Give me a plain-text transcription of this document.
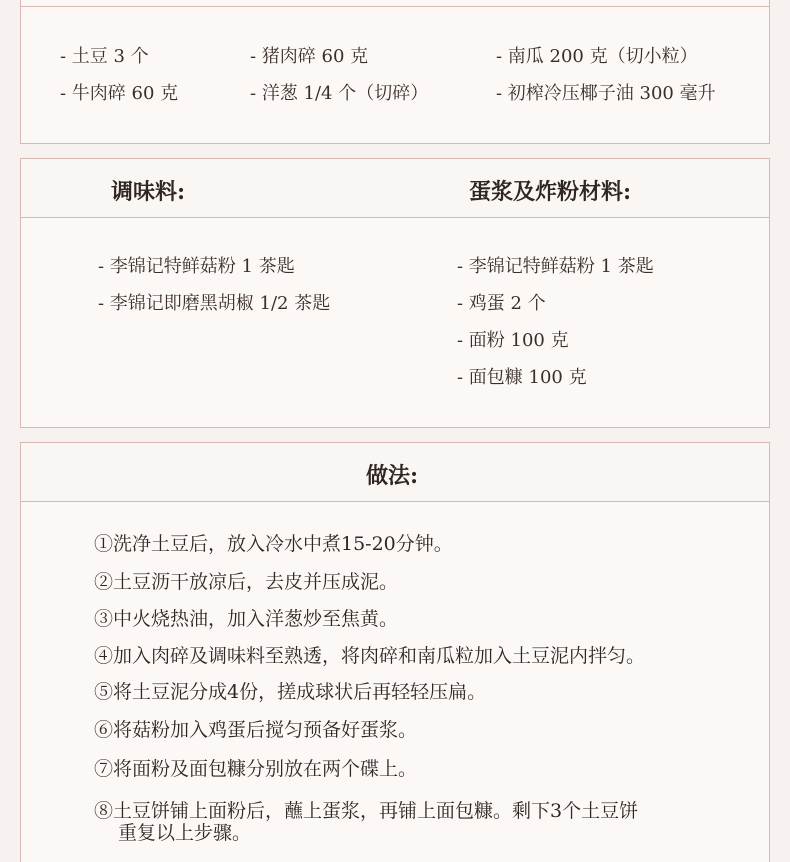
- 土豆 3 个	- 猪肉碎 60 克	- 南瓜 200 克（切小粒）
- 牛肉碎 60 克	- 洋葱 1/4 个（切碎）	- 初榨冷压椰子油 300 毫升
调味料:	蛋浆及炸粉材料:
- 李锦记特鲜菇粉 1 茶匙
- 李锦记即磨黑胡椒 1/2 茶匙
- 李锦记特鲜菇粉 1 茶匙
- 鸡蛋 2 个
- 面粉 100 克
- 面包糠 100 克
做法:
①洗净土豆后，放入冷水中煮15-20分钟。
②土豆沥干放凉后，去皮并压成泥。
③中火烧热油，加入洋葱炒至焦黄。
④加入肉碎及调味料至熟透，将肉碎和南瓜粒加入土豆泥内拌匀。
⑤将土豆泥分成4份，搓成球状后再轻轻压扁。
⑥将菇粉加入鸡蛋后搅匀预备好蛋浆。
⑦将面粉及面包糠分别放在两个碟上。
⑧土豆饼铺上面粉后，蘸上蛋浆，再铺上面包糠。剩下3个土豆饼
重复以上步骤。
